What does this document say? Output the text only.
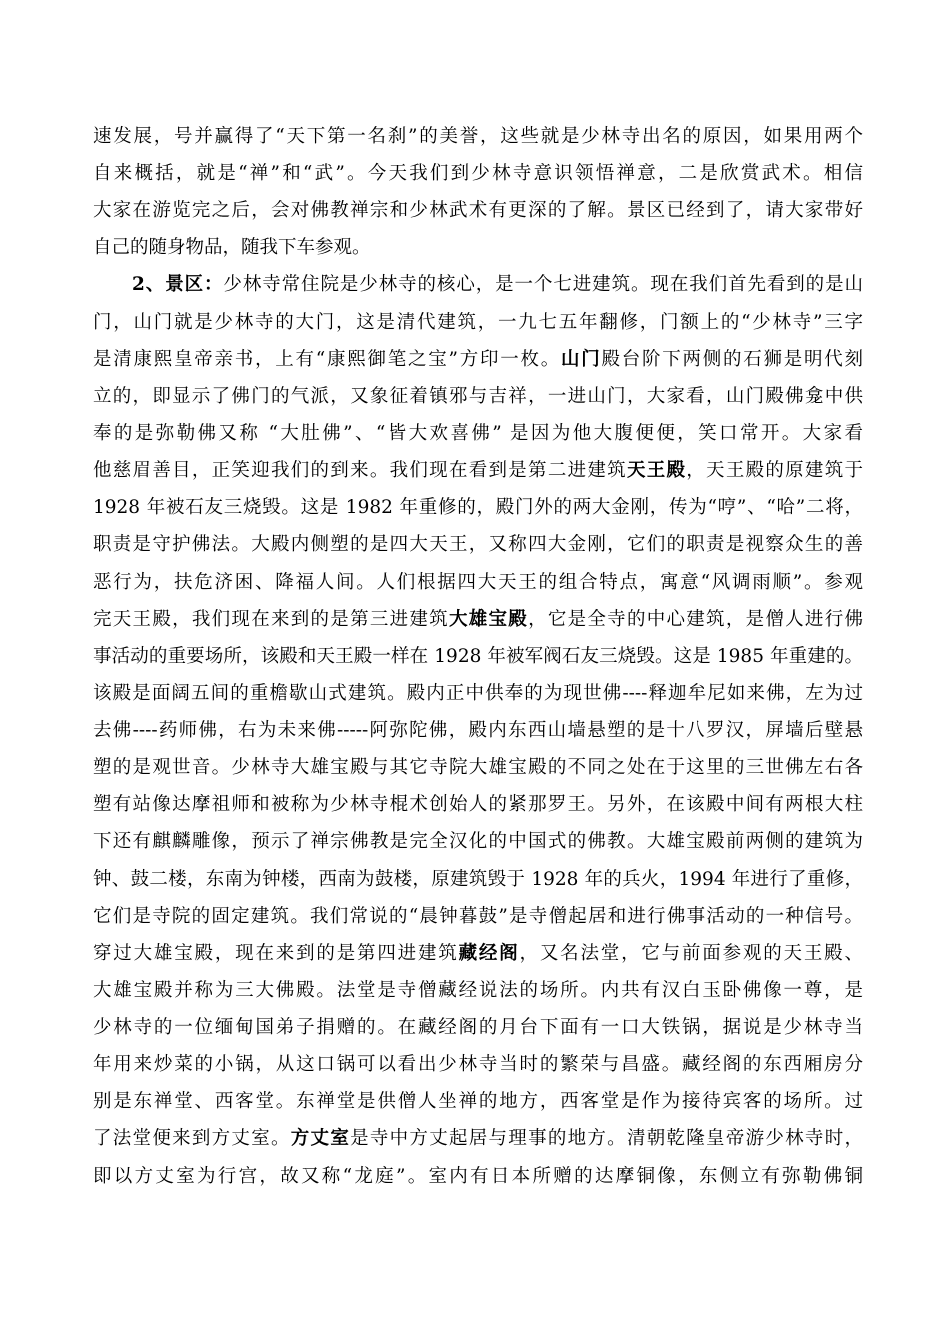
速发展，号并赢得了“天下第一名刹”的美誉，这些就是少林寺出名的原因，如果用两个
自来概括，就是“禅”和“武”。今天我们到少林寺意识领悟禅意，二是欣赏武术。相信
大家在游览完之后，会对佛教禅宗和少林武术有更深的了解。景区已经到了，请大家带好
自己的随身物品，随我下车参观。
2、景区：少林寺常住院是少林寺的核心，是一个七进建筑。现在我们首先看到的是山
门，山门就是少林寺的大门，这是清代建筑，一九七五年翻修，门额上的“少林寺”三字
是清康熙皇帝亲书，上有“康熙御笔之宝”方印一枚。山门殿台阶下两侧的石狮是明代刻
立的，即显示了佛门的气派，又象征着镇邪与吉祥，一进山门，大家看，山门殿佛龛中供
奉的是弥勒佛又称 “大肚佛”、“皆大欢喜佛” 是因为他大腹便便，笑口常开。大家看
他慈眉善目，正笑迎我们的到来。我们现在看到是第二进建筑天王殿，天王殿的原建筑于
1928 年被石友三烧毁。这是 1982 年重修的，殿门外的两大金刚，传为“哼”、“哈”二将，
职责是守护佛法。大殿内侧塑的是四大天王，又称四大金刚，它们的职责是视察众生的善
恶行为，扶危济困、降福人间。人们根据四大天王的组合特点，寓意“风调雨顺”。参观
完天王殿，我们现在来到的是第三进建筑大雄宝殿，它是全寺的中心建筑，是僧人进行佛
事活动的重要场所，该殿和天王殿一样在 1928 年被军阀石友三烧毁。这是 1985 年重建的。
该殿是面阔五间的重檐歇山式建筑。殿内正中供奉的为现世佛----释迦牟尼如来佛，左为过
去佛----药师佛，右为未来佛-----阿弥陀佛，殿内东西山墙悬塑的是十八罗汉，屏墙后壁悬
塑的是观世音。少林寺大雄宝殿与其它寺院大雄宝殿的不同之处在于这里的三世佛左右各
塑有站像达摩祖师和被称为少林寺棍术创始人的紧那罗王。另外，在该殿中间有两根大柱
下还有麒麟雕像，预示了禅宗佛教是完全汉化的中国式的佛教。大雄宝殿前两侧的建筑为
钟、鼓二楼，东南为钟楼，西南为鼓楼，原建筑毁于 1928 年的兵火，1994 年进行了重修，
它们是寺院的固定建筑。我们常说的“晨钟暮鼓”是寺僧起居和进行佛事活动的一种信号。
穿过大雄宝殿，现在来到的是第四进建筑藏经阁，又名法堂，它与前面参观的天王殿、
大雄宝殿并称为三大佛殿。法堂是寺僧藏经说法的场所。内共有汉白玉卧佛像一尊，是
少林寺的一位缅甸国弟子捐赠的。在藏经阁的月台下面有一口大铁锅，据说是少林寺当
年用来炒菜的小锅，从这口锅可以看出少林寺当时的繁荣与昌盛。藏经阁的东西厢房分
别是东禅堂、西客堂。东禅堂是供僧人坐禅的地方，西客堂是作为接待宾客的场所。过
了法堂便来到方丈室。方丈室是寺中方丈起居与理事的地方。清朝乾隆皇帝游少林寺时，
即以方丈室为行宫，故又称“龙庭”。室内有日本所赠的达摩铜像，东侧立有弥勒佛铜
